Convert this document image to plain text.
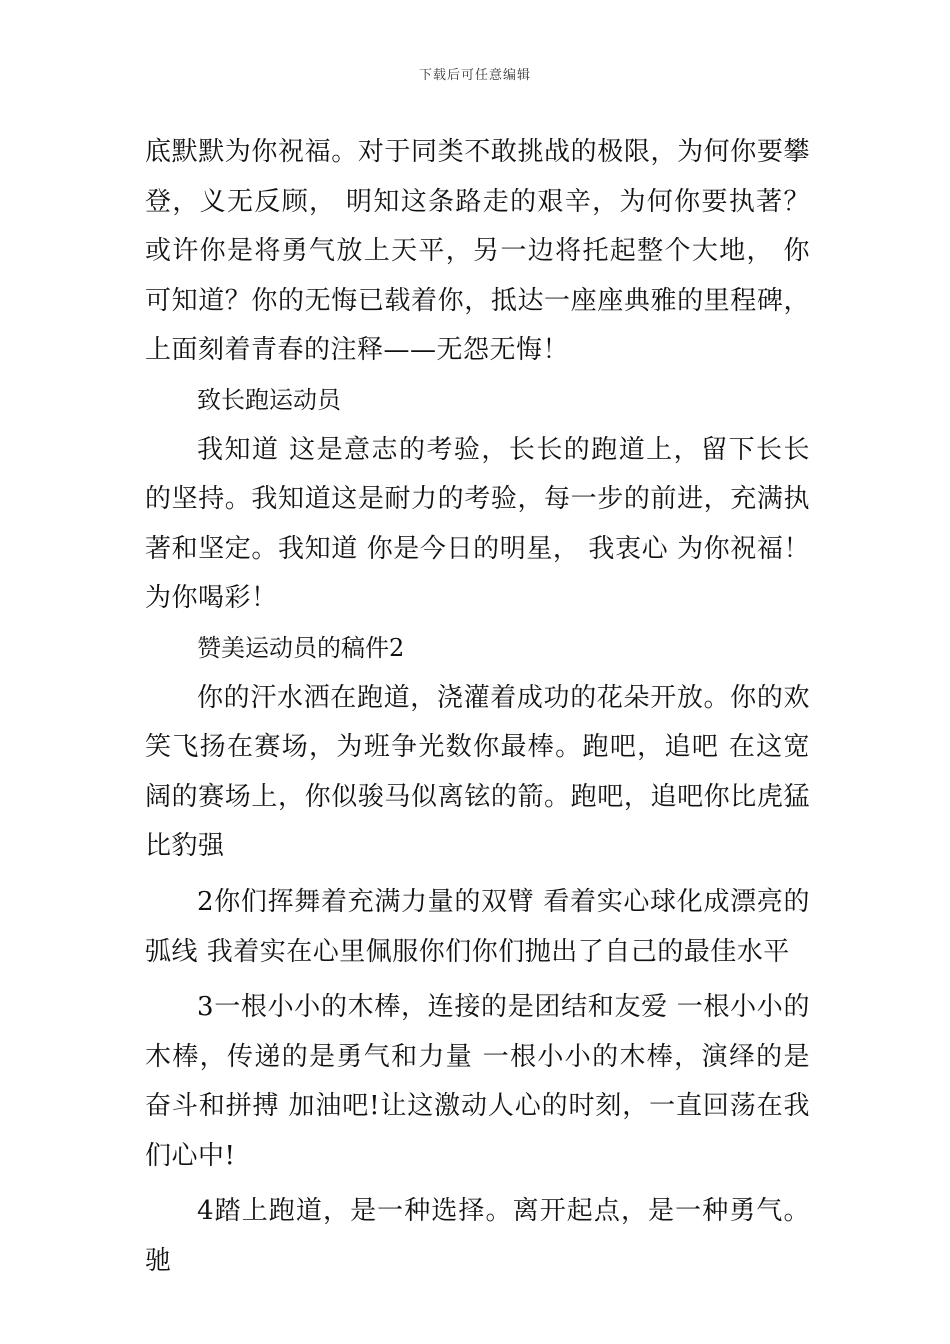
下载后可任意编辑

底默默为你祝福。对于同类不敢挑战的极限，为何你要攀登，义无反顾， 明知这条路走的艰辛，为何你要执著？或许你是将勇气放上天平，另一边将托起整个大地， 你可知道？你的无悔已载着你，抵达一座座典雅的里程碑，上面刻着青春的注释——无怨无悔！

致长跑运动员

我知道 这是意志的考验，长长的跑道上，留下长长的坚持。我知道这是耐力的考验，每一步的前进，充满执著和坚定。我知道 你是今日的明星， 我衷心 为你祝福！为你喝彩！

赞美运动员的稿件2

你的汗水洒在跑道，浇灌着成功的花朵开放。你的欢笑飞扬在赛场，为班争光数你最棒。跑吧，追吧 在这宽阔的赛场上，你似骏马似离铉的箭。跑吧，追吧你比虎猛比豹强

2你们挥舞着充满力量的双臂 看着实心球化成漂亮的弧线 我着实在心里佩服你们你们抛出了自己的最佳水平

3一根小小的木棒，连接的是团结和友爱 一根小小的木棒，传递的是勇气和力量 一根小小的木棒，演绎的是奋斗和拼搏 加油吧!让这激动人心的时刻，一直回荡在我们心中!

4踏上跑道，是一种选择。离开起点，是一种勇气。驰
